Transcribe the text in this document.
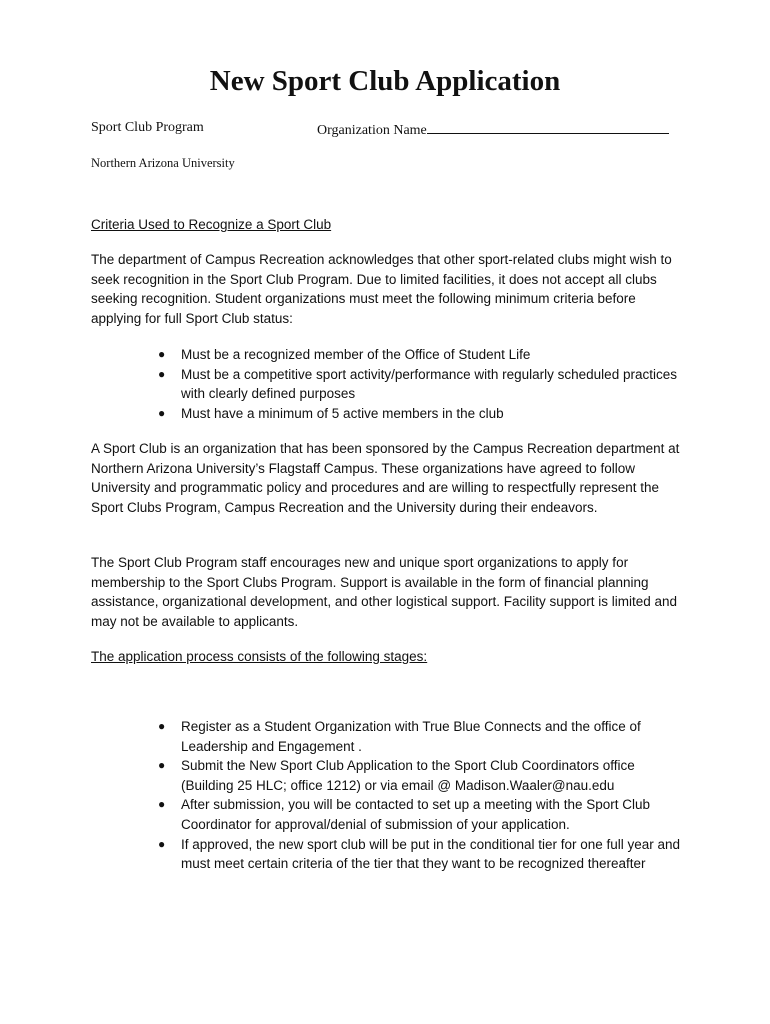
New Sport Club Application
Sport Club Program	Organization Name
Northern Arizona University
Criteria Used to Recognize a Sport Club

The department of Campus Recreation acknowledges that other sport-related clubs might wish to seek recognition in the Sport Club Program. Due to limited facilities, it does not accept all clubs seeking recognition. Student organizations must meet the following minimum criteria before applying for full Sport Club status:

● Must be a recognized member of the Office of Student Life
● Must be a competitive sport activity/performance with regularly scheduled practices with clearly defined purposes
● Must have a minimum of 5 active members in the club

A Sport Club is an organization that has been sponsored by the Campus Recreation department at Northern Arizona University’s Flagstaff Campus. These organizations have agreed to follow University and programmatic policy and procedures and are willing to respectfully represent the Sport Clubs Program, Campus Recreation and the University during their endeavors.

The Sport Club Program staff encourages new and unique sport organizations to apply for membership to the Sport Clubs Program. Support is available in the form of financial planning assistance, organizational development, and other logistical support. Facility support is limited and may not be available to applicants.

The application process consists of the following stages:
● Register as a Student Organization with True Blue Connects and the office of Leadership and Engagement .
● Submit the New Sport Club Application to the Sport Club Coordinators office (Building 25 HLC; office 1212) or via email @ Madison.Waaler@nau.edu
● After submission, you will be contacted to set up a meeting with the Sport Club Coordinator for approval/denial of submission of your application.
● If approved, the new sport club will be put in the conditional tier for one full year and must meet certain criteria of the tier that they want to be recognized thereafter
